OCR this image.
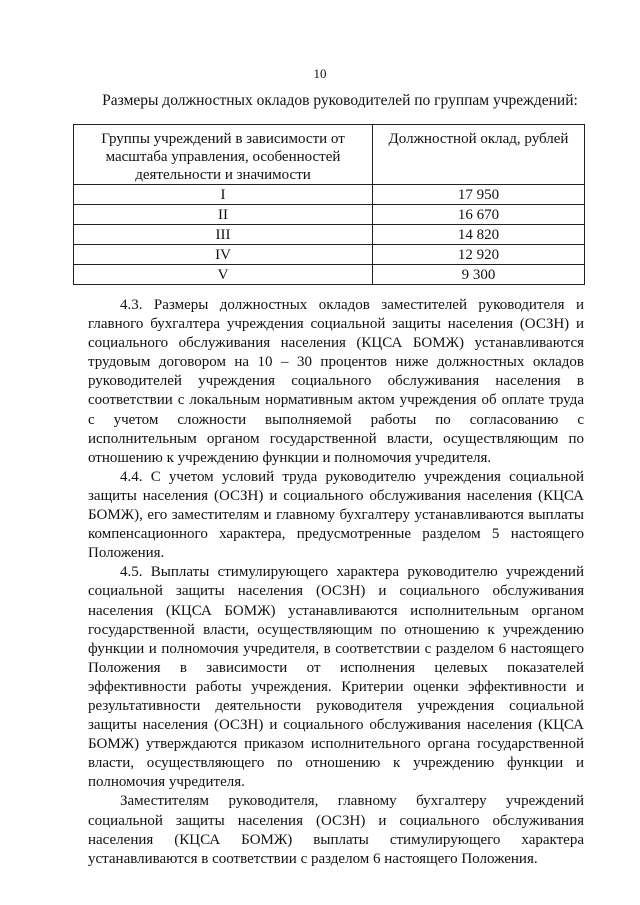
10
Размеры должностных окладов руководителей по группам учреждений:
Группы учреждений в зависимости от масштаба управления, особенностей деятельности и значимости	Должностной оклад, рублей
I	17 950
II	16 670
III	14 820
IV	12 920
V	9 300

4.3. Размеры должностных окладов заместителей руководителя и главного бухгалтера учреждения социальной защиты населения (ОСЗН) и социального обслуживания населения (КЦСА БОМЖ) устанавливаются трудовым договором на 10 – 30 процентов ниже должностных окладов руководителей учреждения социального обслуживания населения в соответствии с локальным нормативным актом учреждения об оплате труда с учетом сложности выполняемой работы по согласованию с исполнительным органом государственной власти, осуществляющим по отношению к учреждению функции и полномочия учредителя.

4.4. С учетом условий труда руководителю учреждения социальной защиты населения (ОСЗН) и социального обслуживания населения (КЦСА БОМЖ), его заместителям и главному бухгалтеру устанавливаются выплаты компенсационного характера, предусмотренные разделом 5 настоящего Положения.

4.5. Выплаты стимулирующего характера руководителю учреждений социальной защиты населения (ОСЗН) и социального обслуживания населения (КЦСА БОМЖ) устанавливаются исполнительным органом государственной власти, осуществляющим по отношению к учреждению функции и полномочия учредителя, в соответствии с разделом 6 настоящего Положения в зависимости от исполнения целевых показателей эффективности работы учреждения. Критерии оценки эффективности и результативности деятельности руководителя учреждения социальной защиты населения (ОСЗН) и социального обслуживания населения (КЦСА БОМЖ) утверждаются приказом исполнительного органа государственной власти, осуществляющего по отношению к учреждению функции и полномочия учредителя.

Заместителям руководителя, главному бухгалтеру учреждений социальной защиты населения (ОСЗН) и социального обслуживания населения (КЦСА БОМЖ) выплаты стимулирующего характера устанавливаются в соответствии с разделом 6 настоящего Положения.
